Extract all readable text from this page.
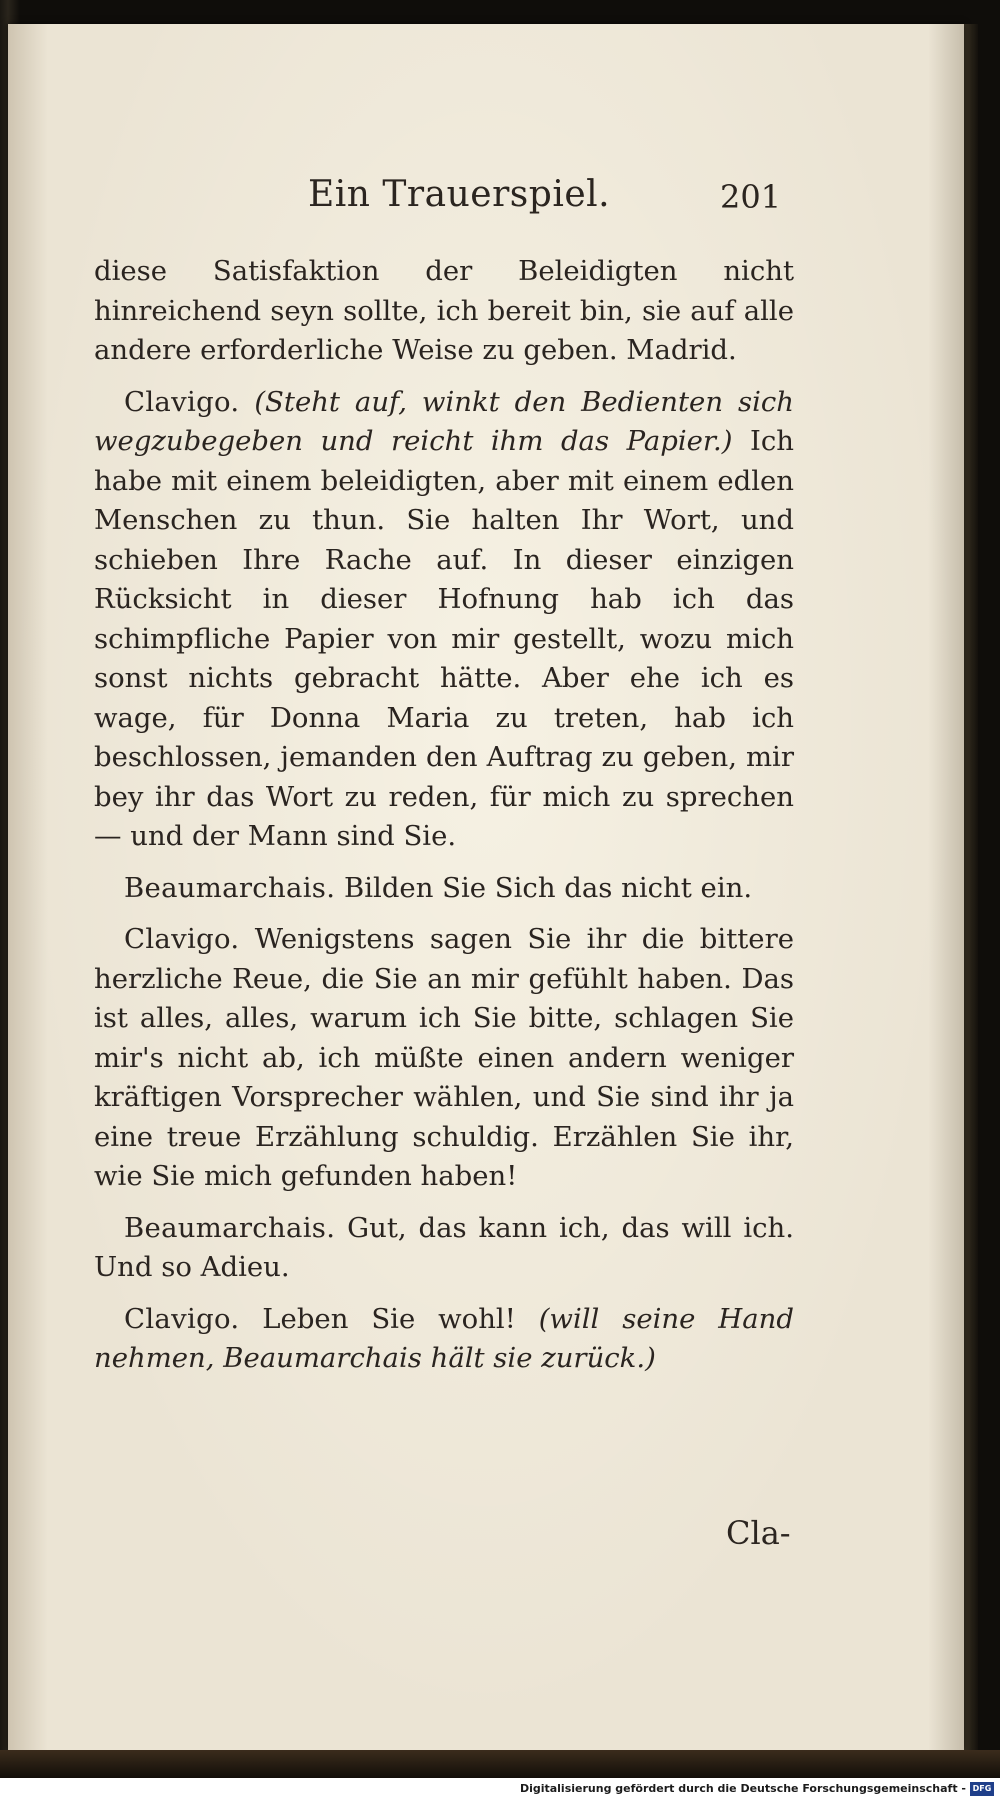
Ein Trauerspiel.	201

diese Satisfaktion der Beleidigten nicht hinreichend seyn sollte, ich bereit bin, sie auf alle andere erforderliche Weise zu geben. Madrid.

Clavigo. (Steht auf, winkt den Bedienten sich wegzubegeben und reicht ihm das Papier.) Ich habe mit einem beleidigten, aber mit einem edlen Menschen zu thun. Sie halten Ihr Wort, und schieben Ihre Rache auf. In dieser einzigen Rücksicht in dieser Hofnung hab ich das schimpfliche Papier von mir gestellt, wozu mich sonst nichts gebracht hätte. Aber ehe ich es wage, für Donna Maria zu treten, hab ich beschlossen, jemanden den Auftrag zu geben, mir bey ihr das Wort zu reden, für mich zu sprechen— und der Mann sind Sie.

Beaumarchais. Bilden Sie Sich das nicht ein.

Clavigo. Wenigstens sagen Sie ihr die bittere herzliche Reue, die Sie an mir gefühlt haben. Das ist alles, alles, warum ich Sie bitte, schlagen Sie mir's nicht ab, ich müßte einen andern weniger kräftigen Vorsprecher wählen, und Sie sind ihr ja eine treue Erzählung schuldig. Erzählen Sie ihr, wie Sie mich gefunden haben!

Beaumarchais. Gut, das kann ich, das will ich. Und so Adieu.

Clavigo. Leben Sie wohl! (will seine Hand nehmen, Beaumarchais hält sie zurück.)

Cla-
Digitalisierung gefördert durch die Deutsche Forschungsgemeinschaft - DFG
